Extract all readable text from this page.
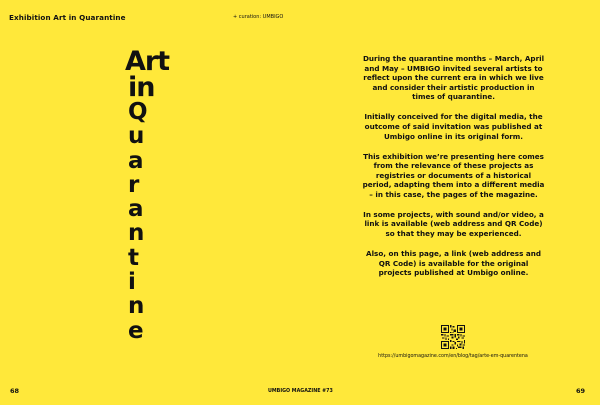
Exhibition Art in Quarantine	+ curation: UMBIGO
Art
in
Q
u
a
r
a
n
t
i
n
e

During the quarantine months – March, April and May – UMBIGO invited several artists to reflect upon the current era in which we live and consider their artistic production in times of quarantine.

Initially conceived for the digital media, the outcome of said invitation was published at Umbigo online in its original form.

This exhibition we’re presenting here comes from the relevance of these projects as registries or documents of a historical period, adapting them into a different media – in this case, the pages of the magazine.

In some projects, with sound and/or video, a link is available (web address and QR Code) so that they may be experienced.

Also, on this page, a link (web address and QR Code) is available for the original projects published at Umbigo online.

https://umbigomagazine.com/en/blog/tag/arte-em-quarentena
68	UMBIGO MAGAZINE #73	69
